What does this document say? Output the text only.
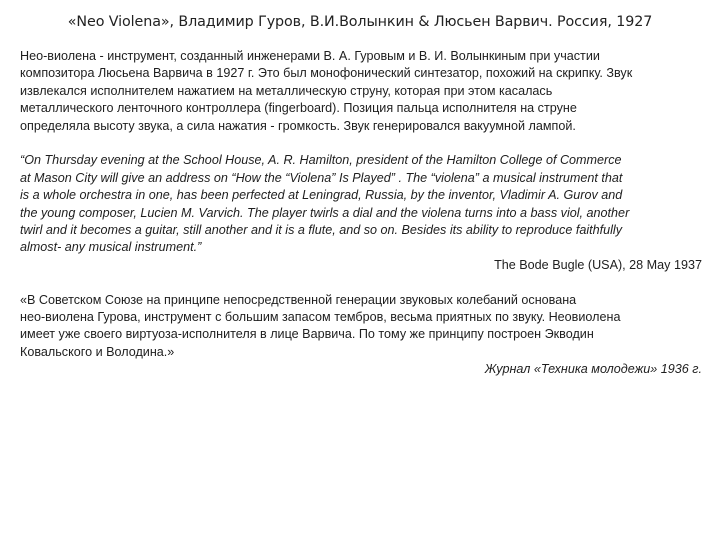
«Neo Violena», Владимир Гуров, В.И.Волынкин & Люсьен Варвич. Россия, 1927

Нео-виолена - инструмент, созданный инженерами В. А. Гуровым и В. И. Волынкиным при участии
композитора Люсьена Варвича в 1927 г. Это был монофонический синтезатор, похожий на скрипку. Звук
извлекался исполнителем нажатием на металлическую струну, которая при этом касалась
металлического ленточного контроллера (fingerboard). Позиция пальца исполнителя на струне
определяла высоту звука, а сила нажатия - громкость. Звук генерировался вакуумной лампой.

“On Thursday evening at the School House, A. R. Hamilton, president of the Hamilton College of Commerce
at Mason City will give an address on “How the “Violena” Is Played” . The “violena” a musical instrument that
is a whole orchestra in one, has been perfected at Leningrad, Russia, by the inventor, Vladimir A. Gurov and
the young composer, Lucien M. Varvich. The player twirls a dial and the violena turns into a bass viol, another
twirl and it becomes a guitar, still another and it is a flute, and so on. Besides its ability to reproduce faithfully
almost- any musical instrument.”

The Bode Bugle (USA), 28 May 1937

«В Советском Союзе на принципе непосредственной генерации звуковых колебаний основана
нео-виолена Гурова, инструмент с большим запасом тембров, весьма приятных по звуку. Неовиолена
имеет уже своего виртуоза-исполнителя в лице Варвича. По тому же принципу построен Экводин
Ковальского и Володина.»

Журнал «Техника молодежи» 1936 г.
